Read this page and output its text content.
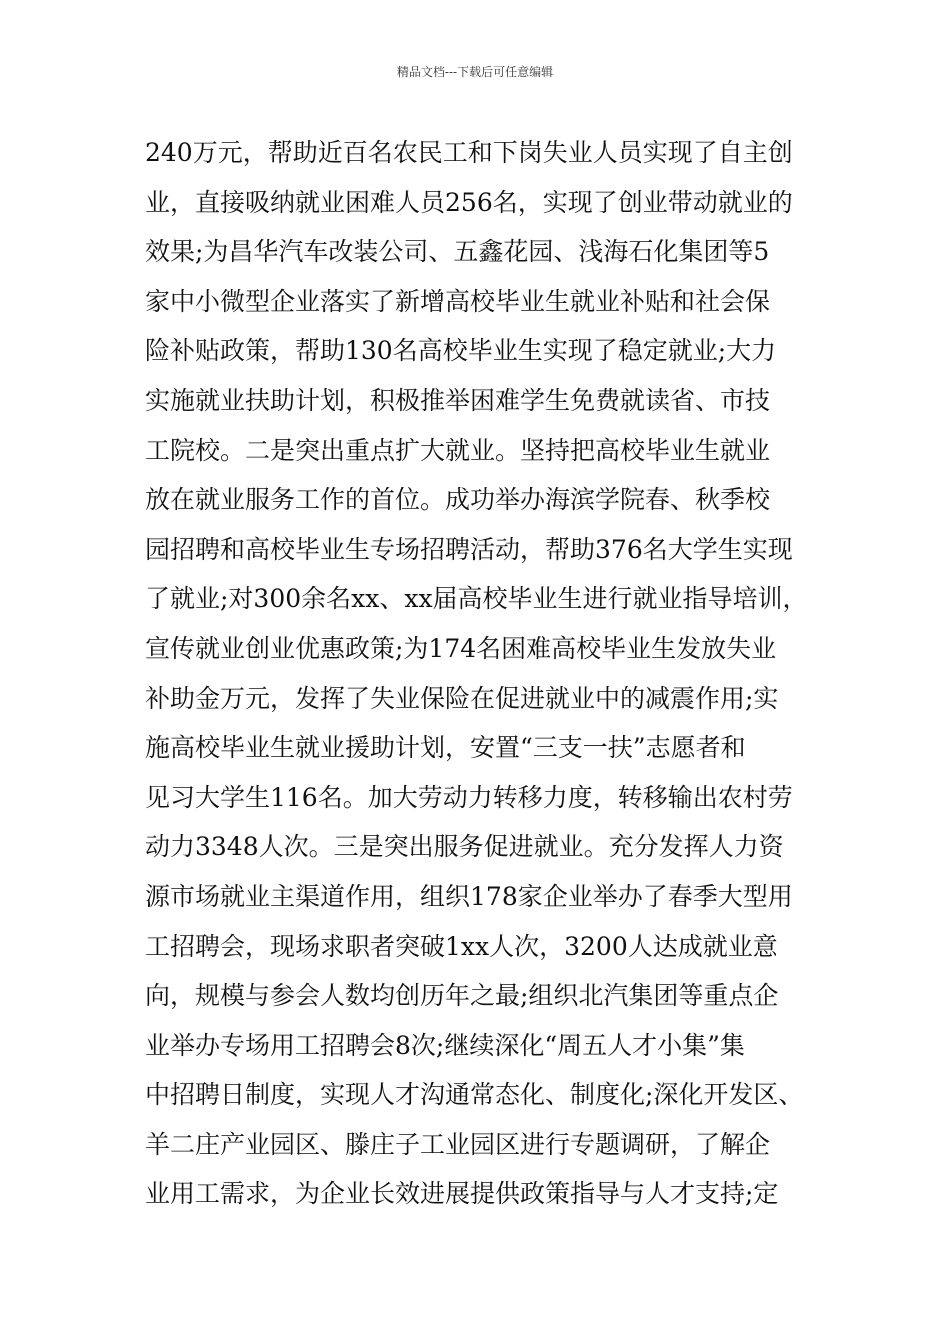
精品文档---下载后可任意编辑
240万元，帮助近百名农民工和下岗失业人员实现了自主创
业，直接吸纳就业困难人员256名，实现了创业带动就业的
效果;为昌华汽车改装公司、五鑫花园、浅海石化集团等5
家中小微型企业落实了新增高校毕业生就业补贴和社会保
险补贴政策，帮助130名高校毕业生实现了稳定就业;大力
实施就业扶助计划，积极推举困难学生免费就读省、市技
工院校。二是突出重点扩大就业。坚持把高校毕业生就业
放在就业服务工作的首位。成功举办海滨学院春、秋季校
园招聘和高校毕业生专场招聘活动，帮助376名大学生实现
了就业;对300余名xx、xx届高校毕业生进行就业指导培训，
宣传就业创业优惠政策;为174名困难高校毕业生发放失业
补助金万元，发挥了失业保险在促进就业中的减震作用;实
施高校毕业生就业援助计划，安置“三支一扶”志愿者和
见习大学生116名。加大劳动力转移力度，转移输出农村劳
动力3348人次。三是突出服务促进就业。充分发挥人力资
源市场就业主渠道作用，组织178家企业举办了春季大型用
工招聘会，现场求职者突破1xx人次，3200人达成就业意
向，规模与参会人数均创历年之最;组织北汽集团等重点企
业举办专场用工招聘会8次;继续深化“周五人才小集”集
中招聘日制度，实现人才沟通常态化、制度化;深化开发区、
羊二庄产业园区、滕庄子工业园区进行专题调研，了解企
业用工需求，为企业长效进展提供政策指导与人才支持;定
